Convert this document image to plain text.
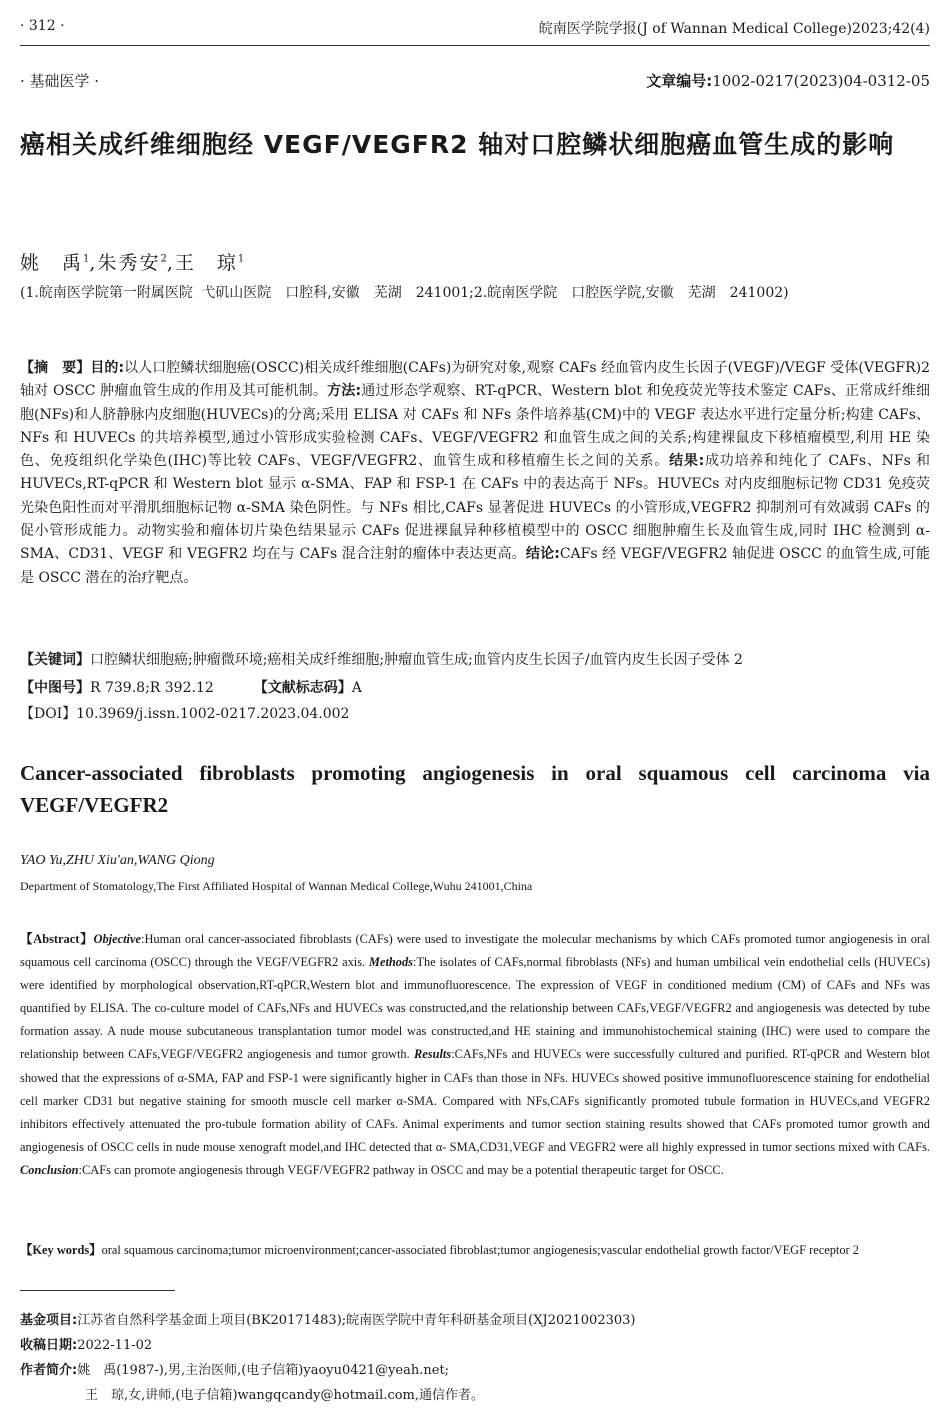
· 312 ·	皖南医学院学报(J of Wannan Medical College)2023;42(4)
· 基础医学 ·	文章编号:1002-0217(2023)04-0312-05
癌相关成纤维细胞经 VEGF/VEGFR2 轴对口腔鳞状细胞癌血管生成的影响
姚　禹$^1$,朱秀安$^2$,王　琼$^1$
(1.皖南医学院第一附属医院 弋矶山医院　口腔科,安徽　芜湖　241001;2.皖南医学院　口腔医学院,安徽　芜湖　241002)
【摘　要】目的:以人口腔鳞状细胞癌(OSCC)相关成纤维细胞(CAFs)为研究对象,观察 CAFs 经血管内皮生长因子(VEGF)/VEGF 受体(VEGFR)2 轴对 OSCC 肿瘤血管生成的作用及其可能机制。方法:通过形态学观察、RT-qPCR、Western blot 和免疫荧光等技术鉴定 CAFs、正常成纤维细胞(NFs)和人脐静脉内皮细胞(HUVECs)的分离;采用 ELISA 对 CAFs 和 NFs 条件培养基(CM)中的 VEGF 表达水平进行定量分析;构建 CAFs、NFs 和 HUVECs 的共培养模型,通过小管形成实验检测 CAFs、VEGF/VEGFR2 和血管生成之间的关系;构建裸鼠皮下移植瘤模型,利用 HE 染色、免疫组织化学染色(IHC)等比较 CAFs、VEGF/VEGFR2、血管生成和移植瘤生长之间的关系。结果:成功培养和纯化了 CAFs、NFs 和 HUVECs,RT-qPCR 和 Western blot 显示 α-SMA、FAP 和 FSP-1 在 CAFs 中的表达高于 NFs。HUVECs 对内皮细胞标记物 CD31 免疫荧光染色阳性而对平滑肌细胞标记物 α-SMA 染色阴性。与 NFs 相比,CAFs 显著促进 HUVECs 的小管形成,VEGFR2 抑制剂可有效减弱 CAFs 的促小管形成能力。动物实验和瘤体切片染色结果显示 CAFs 促进裸鼠异种移植模型中的 OSCC 细胞肿瘤生长及血管生成,同时 IHC 检测到 α-SMA、CD31、VEGF 和 VEGFR2 均在与 CAFs 混合注射的瘤体中表达更高。结论:CAFs 经 VEGF/VEGFR2 轴促进 OSCC 的血管生成,可能是 OSCC 潜在的治疗靶点。
【关键词】口腔鳞状细胞癌;肿瘤微环境;癌相关成纤维细胞;肿瘤血管生成;血管内皮生长因子/血管内皮生长因子受体 2
【中图号】R 739.8;R 392.12	【文献标志码】A
【DOI】10.3969/j.issn.1002-0217.2023.04.002
Cancer-associated fibroblasts promoting angiogenesis in oral squamous cell carcinoma via VEGF/VEGFR2
YAO Yu,ZHU Xiu'an,WANG Qiong
Department of Stomatology,The First Affiliated Hospital of Wannan Medical College,Wuhu 241001,China
【Abstract】Objective:Human oral cancer-associated fibroblasts (CAFs) were used to investigate the molecular mechanisms by which CAFs promoted tumor angiogenesis in oral squamous cell carcinoma (OSCC) through the VEGF/VEGFR2 axis. Methods:The isolates of CAFs,normal fibroblasts (NFs) and human umbilical vein endothelial cells (HUVECs) were identified by morphological observation,RT-qPCR,Western blot and immunofluorescence. The expression of VEGF in conditioned medium (CM) of CAFs and NFs was quantified by ELISA. The co-culture model of CAFs,NFs and HUVECs was constructed,and the relationship between CAFs,VEGF/VEGFR2 and angiogenesis was detected by tube formation assay. A nude mouse subcutaneous transplantation tumor model was constructed,and HE staining and immunohistochemical staining (IHC) were used to compare the relationship between CAFs,VEGF/VEGFR2 angiogenesis and tumor growth. Results:CAFs,NFs and HUVECs were successfully cultured and purified. RT-qPCR and Western blot showed that the expressions of α-SMA, FAP and FSP-1 were significantly higher in CAFs than those in NFs. HUVECs showed positive immunofluorescence staining for endothelial cell marker CD31 but negative staining for smooth muscle cell marker α-SMA. Compared with NFs,CAFs significantly promoted tubule formation in HUVECs,and VEGFR2 inhibitors effectively attenuated the pro-tubule formation ability of CAFs. Animal experiments and tumor section staining results showed that CAFs promoted tumor growth and angiogenesis of OSCC cells in nude mouse xenograft model,and IHC detected that α- SMA,CD31,VEGF and VEGFR2 were all highly expressed in tumor sections mixed with CAFs. Conclusion:CAFs can promote angiogenesis through VEGF/VEGFR2 pathway in OSCC and may be a potential therapeutic target for OSCC.
【Key words】oral squamous carcinoma;tumor microenvironment;cancer-associated fibroblast;tumor angiogenesis;vascular endothelial growth factor/VEGF receptor 2
基金项目:江苏省自然科学基金面上项目(BK20171483);皖南医学院中青年科研基金项目(XJ2021002303)
收稿日期:2022-11-02
作者简介:姚　禹(1987-),男,主治医师,(电子信箱)yaoyu0421@yeah.net;
王　琼,女,讲师,(电子信箱)wangqcandy@hotmail.com,通信作者。
